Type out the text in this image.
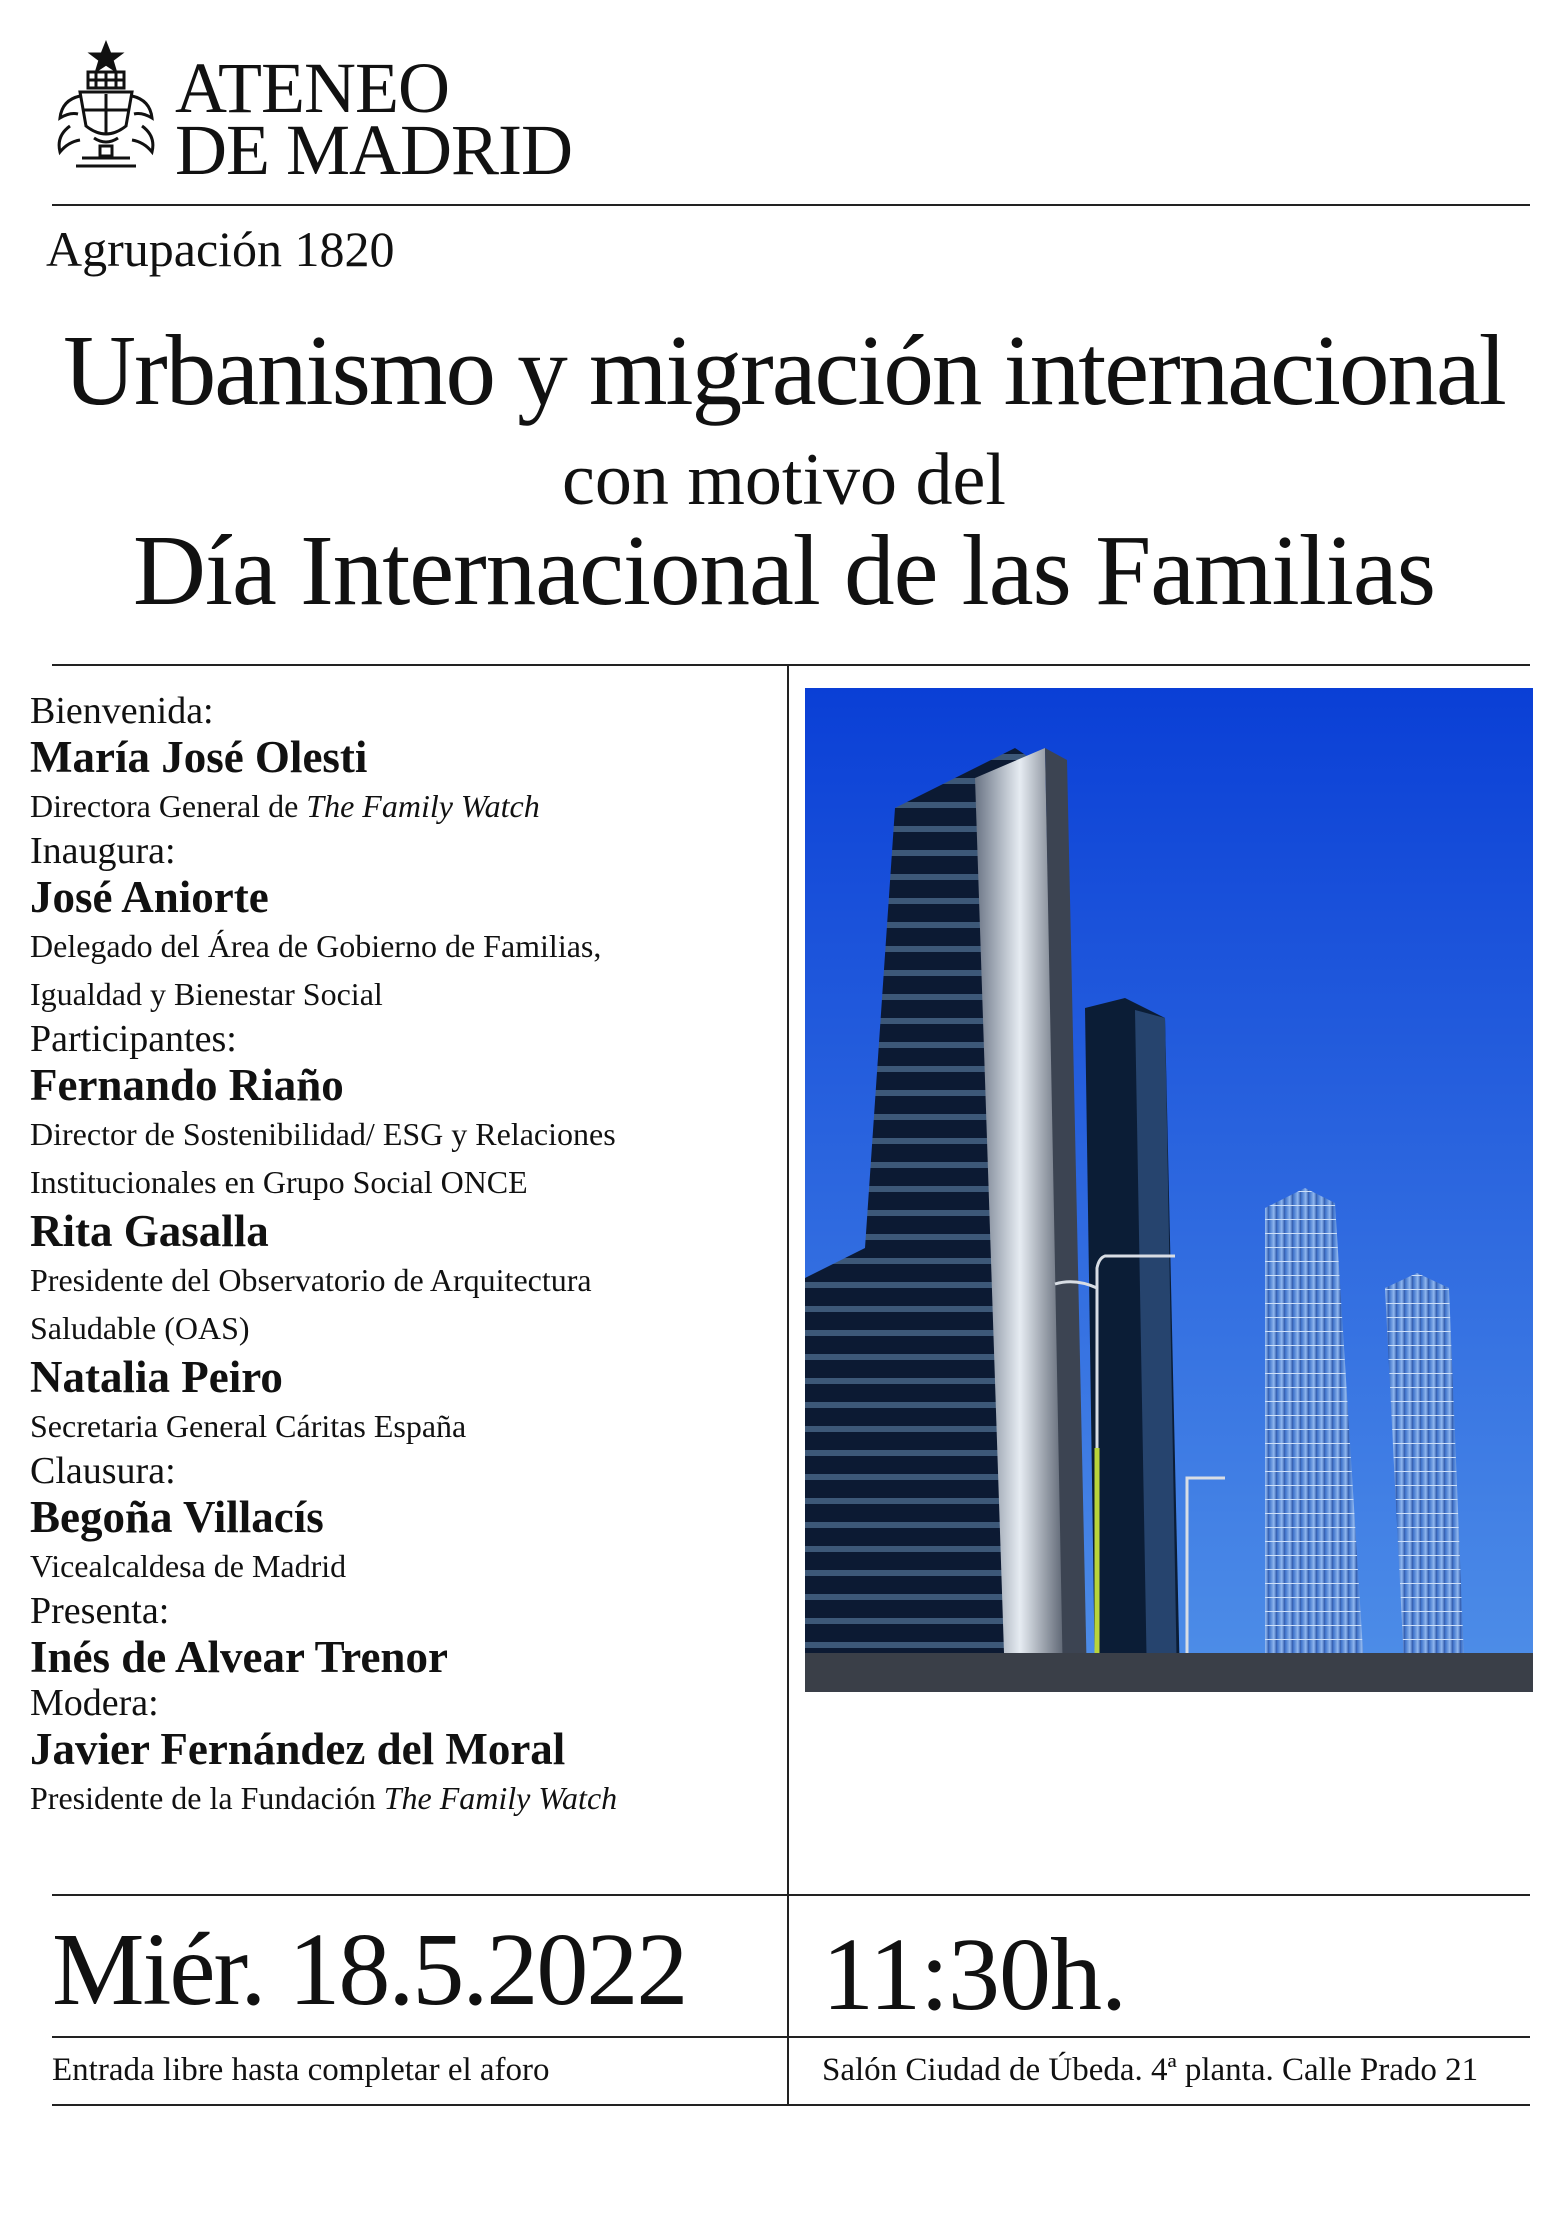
ATENEO
DE MADRID
Agrupación 1820
Urbanismo y migración internacional
con motivo del
Día Internacional de las Familias
Bienvenida:
María José Olesti
Directora General de The Family Watch
Inaugura:
José Aniorte
Delegado del Área de Gobierno de Familias,
Igualdad y Bienestar Social
Participantes:
Fernando Riaño
Director de Sostenibilidad/ ESG y Relaciones
Institucionales en Grupo Social ONCE
Rita Gasalla
Presidente del Observatorio de Arquitectura
Saludable (OAS)
Natalia Peiro
Secretaria General Cáritas España
Clausura:
Begoña Villacís
Vicealcaldesa de Madrid
Presenta:
Inés de Alvear Trenor
Modera:
Javier Fernández del Moral
Presidente de la Fundación The Family Watch
Miér. 18.5.2022 11:30h.
Entrada libre hasta completar el aforo	Salón Ciudad de Úbeda. 4ª planta. Calle Prado 21
